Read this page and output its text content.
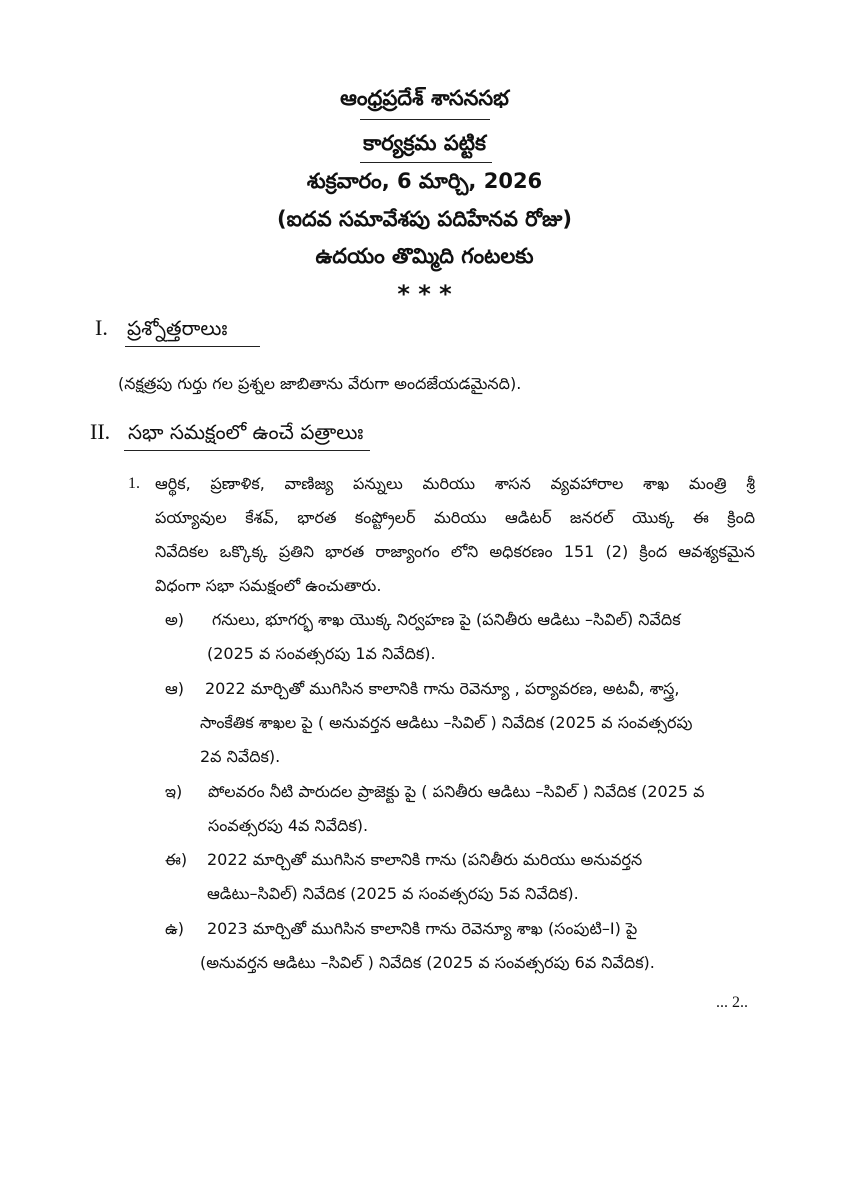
ఆంధ్రప్రదేశ్ శాసనసభ
కార్యక్రమ పట్టిక
శుక్రవారం, 6 మార్చి, 2026
(ఐదవ సమావేశపు పదిహేనవ రోజు)
ఉదయం తొమ్మిది గంటలకు
* * *
I. ప్రశ్నోత్తరాలుః
(నక్షత్రపు గుర్తు గల ప్రశ్నల జాబితాను వేరుగా అందజేయడమైనది).
II. సభా సమక్షంలో ఉంచే పత్రాలుః
1. ఆర్థిక, ప్రణాళిక, వాణిజ్య పన్నులు మరియు శాసన వ్యవహారాల శాఖ మంత్రి శ్రీ
పయ్యావుల కేశవ్, భారత కంప్ట్రోలర్ మరియు ఆడిటర్ జనరల్ యొక్క ఈ క్రింది
నివేదికల ఒక్కొక్క ప్రతిని భారత రాజ్యాంగం లోని అధికరణం 151 (2) క్రింద ఆవశ్యకమైన
విధంగా సభా సమక్షంలో ఉంచుతారు.
అ) గనులు, భూగర్భ శాఖ యొక్క నిర్వహణ పై (పనితీరు ఆడిటు –సివిల్) నివేదిక
(2025 వ సంవత్సరపు 1వ నివేదిక).
ఆ) 2022 మార్చితో ముగిసిన కాలానికి గాను రెవెన్యూ , పర్యావరణ, అటవీ, శాస్త్ర,
సాంకేతిక శాఖల పై ( అనువర్తన ఆడిటు –సివిల్ ) నివేదిక (2025 వ సంవత్సరపు
2వ నివేదిక).
ఇ) పోలవరం నీటి పారుదల ప్రాజెక్టు పై ( పనితీరు ఆడిటు –సివిల్ ) నివేదిక (2025 వ
సంవత్సరపు 4వ నివేదిక).
ఈ) 2022 మార్చితో ముగిసిన కాలానికి గాను (పనితీరు మరియు అనువర్తన
ఆడిటు–సివిల్) నివేదిక (2025 వ సంవత్సరపు 5వ నివేదిక).
ఉ) 2023 మార్చితో ముగిసిన కాలానికి గాను రెవెన్యూ శాఖ (సంపుటి–I) పై
(అనువర్తన ఆడిటు –సివిల్ ) నివేదిక (2025 వ సంవత్సరపు 6వ నివేదిక).
... 2..
